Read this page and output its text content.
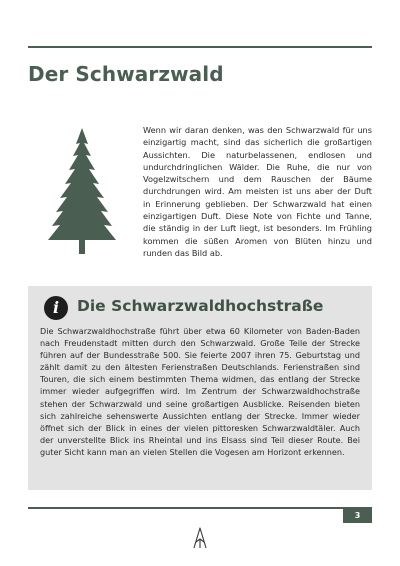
Der Schwarzwald
Wenn wir daran denken, was den Schwarzwald für uns einzigartig macht, sind das sicherlich die großartigen Aussichten. Die naturbelassenen, endlosen und undurchdringlichen Wälder. Die Ruhe, die nur von Vogelzwitschern und dem Rauschen der Bäume durchdrungen wird. Am meisten ist uns aber der Duft in Erinnerung geblieben. Der Schwarzwald hat einen einzigartigen Duft. Diese Note von Fichte und Tanne, die ständig in der Luft liegt, ist besonders. Im Frühling kommen die süßen Aromen von Blüten hinzu und runden das Bild ab.
i	Die Schwarzwaldhochstraße
Die Schwarzwaldhochstraße führt über etwa 60 Kilometer von Baden-Baden nach Freudenstadt mitten durch den Schwarzwald. Große Teile der Strecke führen auf der Bundesstraße 500. Sie feierte 2007 ihren 75. Geburtstag und zählt damit zu den ältesten Ferienstraßen Deutschlands. Ferienstraßen sind Touren, die sich einem bestimmten Thema widmen, das entlang der Strecke immer wieder aufgegriffen wird. Im Zentrum der Schwarzwaldhochstraße stehen der Schwarzwald und seine großartigen Ausblicke. Reisenden bieten sich zahlreiche sehenswerte Aussichten entlang der Strecke. Immer wieder öffnet sich der Blick in eines der vielen pittoresken Schwarzwaldtäler. Auch der unverstellte Blick ins Rheintal und ins Elsass sind Teil dieser Route. Bei guter Sicht kann man an vielen Stellen die Vogesen am Horizont erkennen.
3
